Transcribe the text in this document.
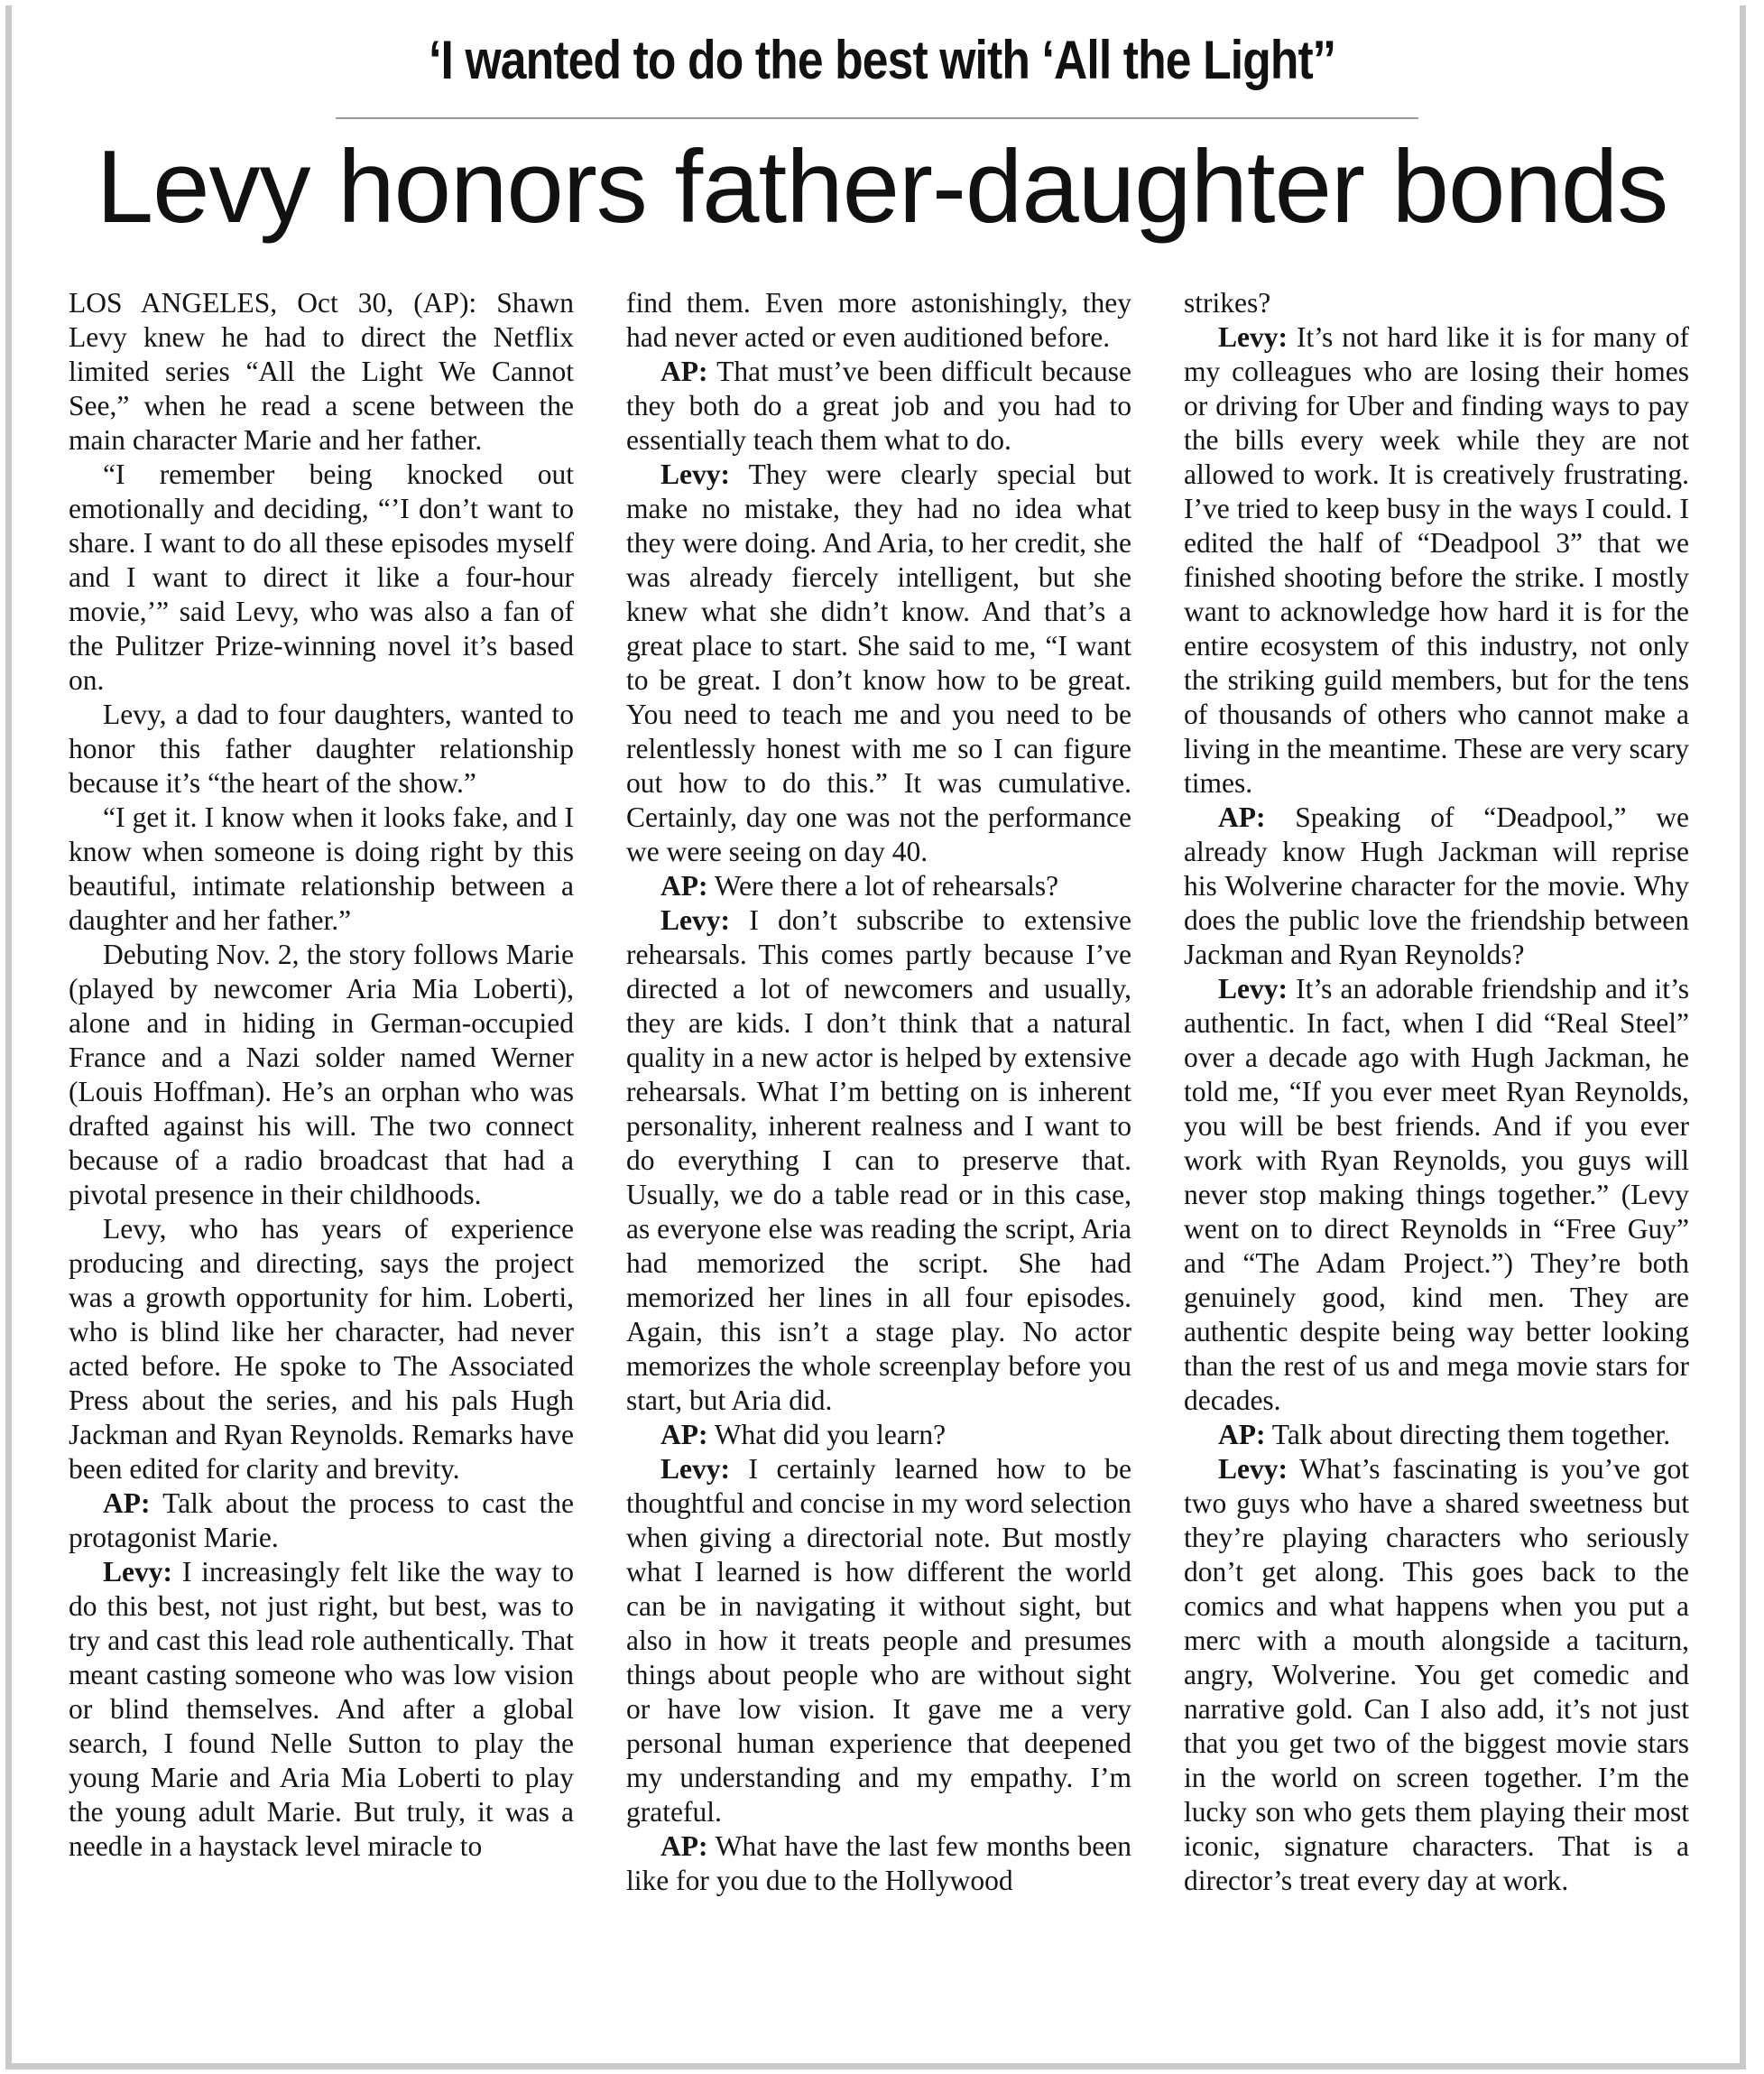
‘I wanted to do the best with ‘All the Light’’
Levy honors father-daughter bonds

LOS ANGELES, Oct 30, (AP): Shawn Levy knew he had to direct the Netflix limited series “All the Light We Cannot See,” when he read a scene between the main character Marie and her father.

“I remember being knocked out emotionally and deciding, “’I don’t want to share. I want to do all these episodes myself and I want to direct it like a four-hour movie,’” said Levy, who was also a fan of the Pulitzer Prize-winning novel it’s based on.

Levy, a dad to four daughters, wanted to honor this father daughter relationship because it’s “the heart of the show.”

“I get it. I know when it looks fake, and I know when someone is doing right by this beautiful, intimate relationship between a daughter and her father.”

Debuting Nov. 2, the story follows Marie (played by newcomer Aria Mia Loberti), alone and in hiding in German-occupied France and a Nazi solder named Werner (Louis Hoffman). He’s an orphan who was drafted against his will. The two connect because of a radio broadcast that had a pivotal presence in their childhoods.

Levy, who has years of experience producing and directing, says the project was a growth opportunity for him. Loberti, who is blind like her character, had never acted before. He spoke to The Associated Press about the series, and his pals Hugh Jackman and Ryan Reynolds. Remarks have been edited for clarity and brevity.

AP: Talk about the process to cast the protagonist Marie.

Levy: I increasingly felt like the way to do this best, not just right, but best, was to try and cast this lead role authentically. That meant casting someone who was low vision or blind themselves. And after a global search, I found Nelle Sutton to play the young Marie and Aria Mia Loberti to play the young adult Marie. But truly, it was a needle in a haystack level miracle to

find them. Even more astonishingly, they had never acted or even auditioned before.

AP: That must’ve been difficult because they both do a great job and you had to essentially teach them what to do.

Levy: They were clearly special but make no mistake, they had no idea what they were doing. And Aria, to her credit, she was already fiercely intelligent, but she knew what she didn’t know. And that’s a great place to start. She said to me, “I want to be great. I don’t know how to be great. You need to teach me and you need to be relentlessly honest with me so I can figure out how to do this.” It was cumulative. Certainly, day one was not the performance we were seeing on day 40.

AP: Were there a lot of rehearsals?

Levy: I don’t subscribe to extensive rehearsals. This comes partly because I’ve directed a lot of newcomers and usually, they are kids. I don’t think that a natural quality in a new actor is helped by extensive rehearsals. What I’m betting on is inherent personality, inherent realness and I want to do everything I can to preserve that. Usually, we do a table read or in this case, as everyone else was reading the script, Aria had memorized the script. She had memorized her lines in all four episodes. Again, this isn’t a stage play. No actor memorizes the whole screenplay before you start, but Aria did.

AP: What did you learn?

Levy: I certainly learned how to be thoughtful and concise in my word selection when giving a directorial note. But mostly what I learned is how different the world can be in navigating it without sight, but also in how it treats people and presumes things about people who are without sight or have low vision. It gave me a very personal human experience that deepened my understanding and my empathy. I’m grateful.

AP: What have the last few months been like for you due to the Hollywood

strikes?

Levy: It’s not hard like it is for many of my colleagues who are losing their homes or driving for Uber and finding ways to pay the bills every week while they are not allowed to work. It is creatively frustrating. I’ve tried to keep busy in the ways I could. I edited the half of “Deadpool 3” that we finished shooting before the strike. I mostly want to acknowledge how hard it is for the entire ecosystem of this industry, not only the striking guild members, but for the tens of thousands of others who cannot make a living in the meantime. These are very scary times.

AP: Speaking of “Deadpool,” we already know Hugh Jackman will reprise his Wolverine character for the movie. Why does the public love the friendship between Jackman and Ryan Reynolds?

Levy: It’s an adorable friendship and it’s authentic. In fact, when I did “Real Steel” over a decade ago with Hugh Jackman, he told me, “If you ever meet Ryan Reynolds, you will be best friends. And if you ever work with Ryan Reynolds, you guys will never stop making things together.” (Levy went on to direct Reynolds in “Free Guy” and “The Adam Project.”) They’re both genuinely good, kind men. They are authentic despite being way better looking than the rest of us and mega movie stars for decades.

AP: Talk about directing them together.

Levy: What’s fascinating is you’ve got two guys who have a shared sweetness but they’re playing characters who seriously don’t get along. This goes back to the comics and what happens when you put a merc with a mouth alongside a taciturn, angry, Wolverine. You get comedic and narrative gold. Can I also add, it’s not just that you get two of the biggest movie stars in the world on screen together. I’m the lucky son who gets them playing their most iconic, signature characters. That is a director’s treat every day at work.
